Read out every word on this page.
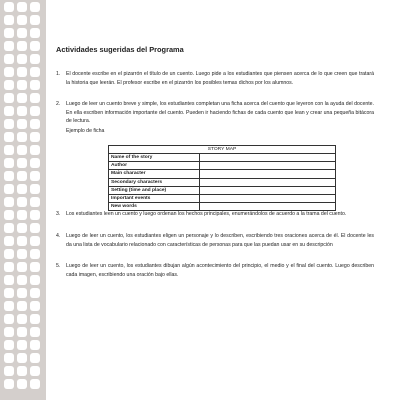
Actividades sugeridas del Programa
1. El docente escribe en el pizarrón el título de un cuento. Luego pide a los estudiantes que piensen acerca de lo que creen que tratará la historia que leerán. El profesor escribe en el pizarrón los posibles temas dichos por los alumnos.
2. Luego de leer un cuento breve y simple, los estudiantes completan una ficha acerca del cuento que leyeron con la ayuda del docente. En ella escriben información importante del cuento. Pueden ir haciendo fichas de cada cuento que lean y crear una pequeña bitácora de lectura.
Ejemplo de ficha
STORY MAP	
Name of the story	
Author	
Main character	
Secondary characters	
Setting (time and place)	
Important events	
New words	
3. Los estudiantes leen un cuento y luego ordenan los hechos principales, enumerándolos de acuerdo a la trama del cuento.
4. Luego de leer un cuento, los estudiantes eligen un personaje y lo describen, escribiendo tres oraciones acerca de él. El docente les da una lista de vocabulario relacionado con características de personas para que las puedan usar en su descripción
5. Luego de leer un cuento, los estudiantes dibujan algún acontecimiento del principio, el medio y el final del cuento. Luego describen cada imagen, escribiendo una oración bajo ellas.
